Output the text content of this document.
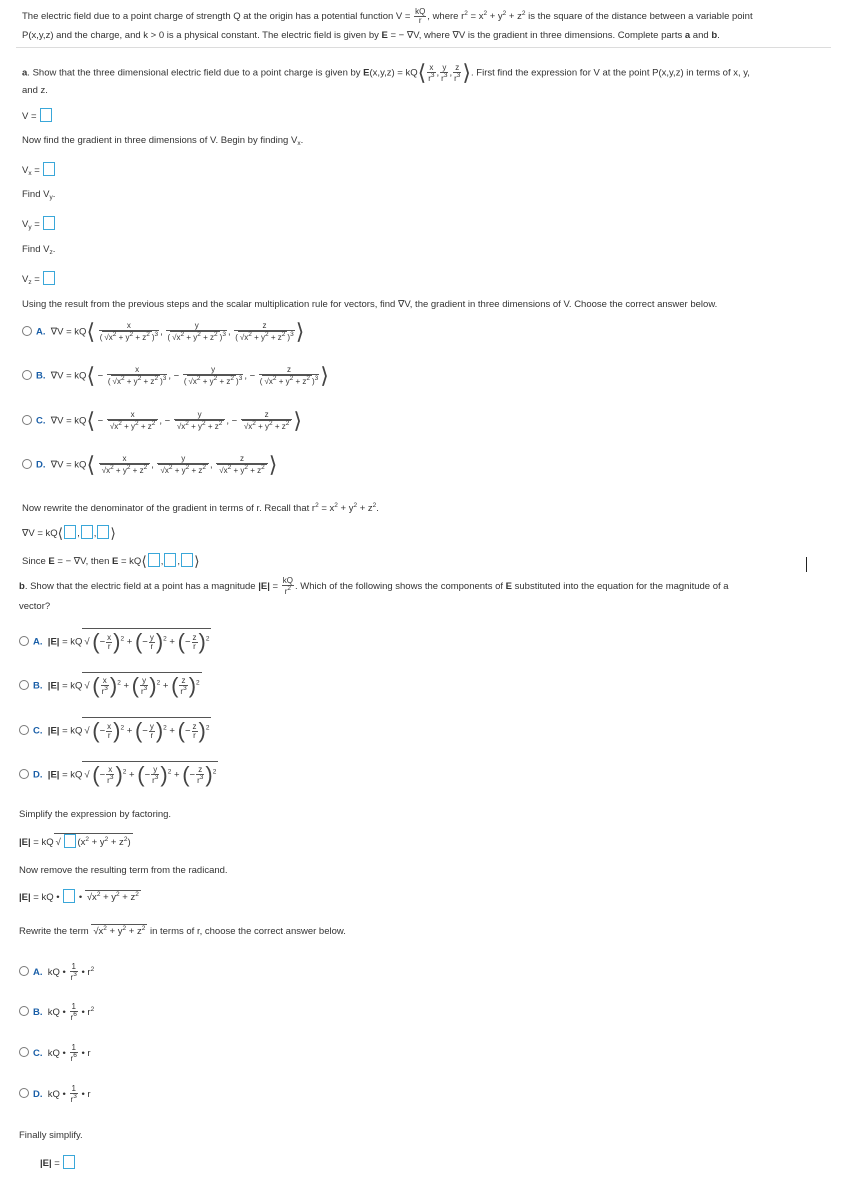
The electric field due to a point charge of strength Q at the origin has a potential function $V = \frac{kQ}{r}$ , where $r^2 = x^2 + y^2 + z^2$ is the square of the distance between a variable point
P(x,y,z) and the charge, and k > 0 is a physical constant. The electric field is given by E = − ∇V, where ∇V is the gradient in three dimensions. Complete parts a and b.
a. Show that the three dimensional electric field due to a point charge is given by E(x,y,z) = kQ⟨ $\frac{x}{r^3}$ , $\frac{y}{r^3}$ , $\frac{z}{r^3}$ ⟩. First find the expression for V at the point P(x,y,z) in terms of x, y,
and z.
V =
Now find the gradient in three dimensions of V. Begin by finding $V_x$.
$V_x$ =
Find $V_y$.
$V_y$ =
Find $V_z$.
$V_z$ =
Using the result from the previous steps and the scalar multiplication rule for vectors, find ∇V, the gradient in three dimensions of V. Choose the correct answer below.
A. ∇V = kQ⟨ $\frac{x}{( √x^2 + y^2 + z^2 )^3}$ , $\frac{y}{( √x^2 + y^2 + z^2 )^3}$ , $\frac{z}{( √x^2 + y^2 + z^2 )^3}$ ⟩
B. ∇V = kQ⟨ − $\frac{x}{( √x^2 + y^2 + z^2 )^3}$ , − $\frac{y}{( √x^2 + y^2 + z^2 )^3}$ , − $\frac{z}{( √x^2 + y^2 + z^2 )^3}$ ⟩
C. ∇V = kQ⟨ − $\frac{x}{√x^2 + y^2 + z^2}$ , − $\frac{y}{√x^2 + y^2 + z^2}$ , − $\frac{z}{√x^2 + y^2 + z^2}$ ⟩
D. ∇V = kQ⟨ $\frac{x}{√x^2 + y^2 + z^2}$ , $\frac{y}{√x^2 + y^2 + z^2}$ , $\frac{z}{√x^2 + y^2 + z^2}$ ⟩
Now rewrite the denominator of the gradient in terms of r. Recall that $r^2 = x^2 + y^2 + z^2$.
∇V = kQ⟨ , , ⟩
Since E = − ∇V, then E = kQ⟨ , , ⟩
b. Show that the electric field at a point has a magnitude $|E| = \frac{kQ}{r^2}$ . Which of the following shows the components of E substituted into the equation for the magnitude of a
vector?
A. |E| = kQ √ (− $\frac{x}{r} )^2$ + (− $\frac{y}{r} )^2$ + (− $\frac{z}{r} )^2$
B. |E| = kQ √ ( $\frac{x}{r^3} )^2$ + ( $\frac{y}{r^3} )^2$ + ( $\frac{z}{r^3} )^2$
C. |E| = kQ √ (− $\frac{x}{r} )^2$ + (− $\frac{y}{r} )^2$ + (− $\frac{z}{r} )^2$
D. |E| = kQ √ (− $\frac{x}{r^3} )^2$ + (− $\frac{y}{r^3} )^2$ + (− $\frac{z}{r^3} )^2$
Simplify the expression by factoring.
|E| = kQ √ $(x^2 + y^2 + z^2)$
Now remove the resulting term from the radicand.
|E| = kQ •  • $√x^2 + y^2 + z^2$
Rewrite the term $√x^2 + y^2 + z^2$ in terms of r, choose the correct answer below.
A.  kQ • $\frac{1}{r^3}$ • $r^2$
B.  kQ • $\frac{1}{r^6}$ • $r^2$
C.  kQ • $\frac{1}{r^6}$ • r
D.  kQ • $\frac{1}{r^3}$ • r
Finally simplify.
|E| =
